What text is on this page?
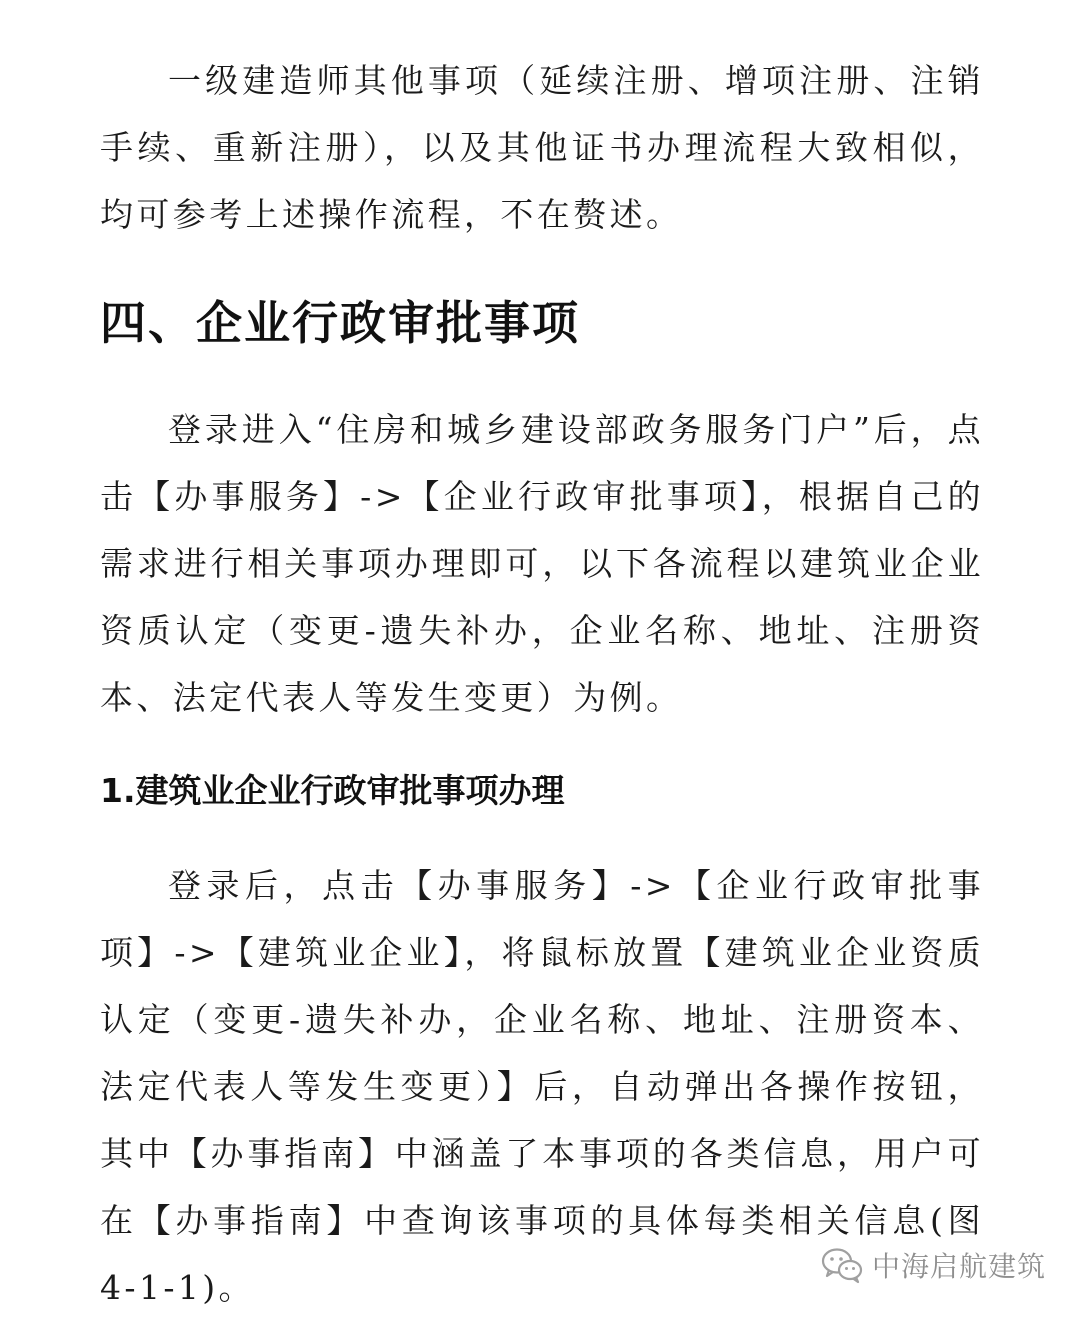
一级建造师其他事项（延续注册、增项注册、注销手续、重新注册），以及其他证书办理流程大致相似，均可参考上述操作流程，不在赘述。

四、企业行政审批事项

登录进入“住房和城乡建设部政务服务门户”后，点击【办事服务】->【企业行政审批事项】，根据自己的需求进行相关事项办理即可，以下各流程以建筑业企业资质认定（变更-遗失补办，企业名称、地址、注册资本、法定代表人等发生变更）为例。

1.建筑业企业行政审批事项办理

登录后，点击【办事服务】->【企业行政审批事项】->【建筑业企业】，将鼠标放置【建筑业企业资质认定（变更-遗失补办，企业名称、地址、注册资本、法定代表人等发生变更）】后，自动弹出各操作按钮，其中【办事指南】中涵盖了本事项的各类信息，用户可在【办事指南】中查询该事项的具体每类相关信息(图 4-1-1)。

中海启航建筑
